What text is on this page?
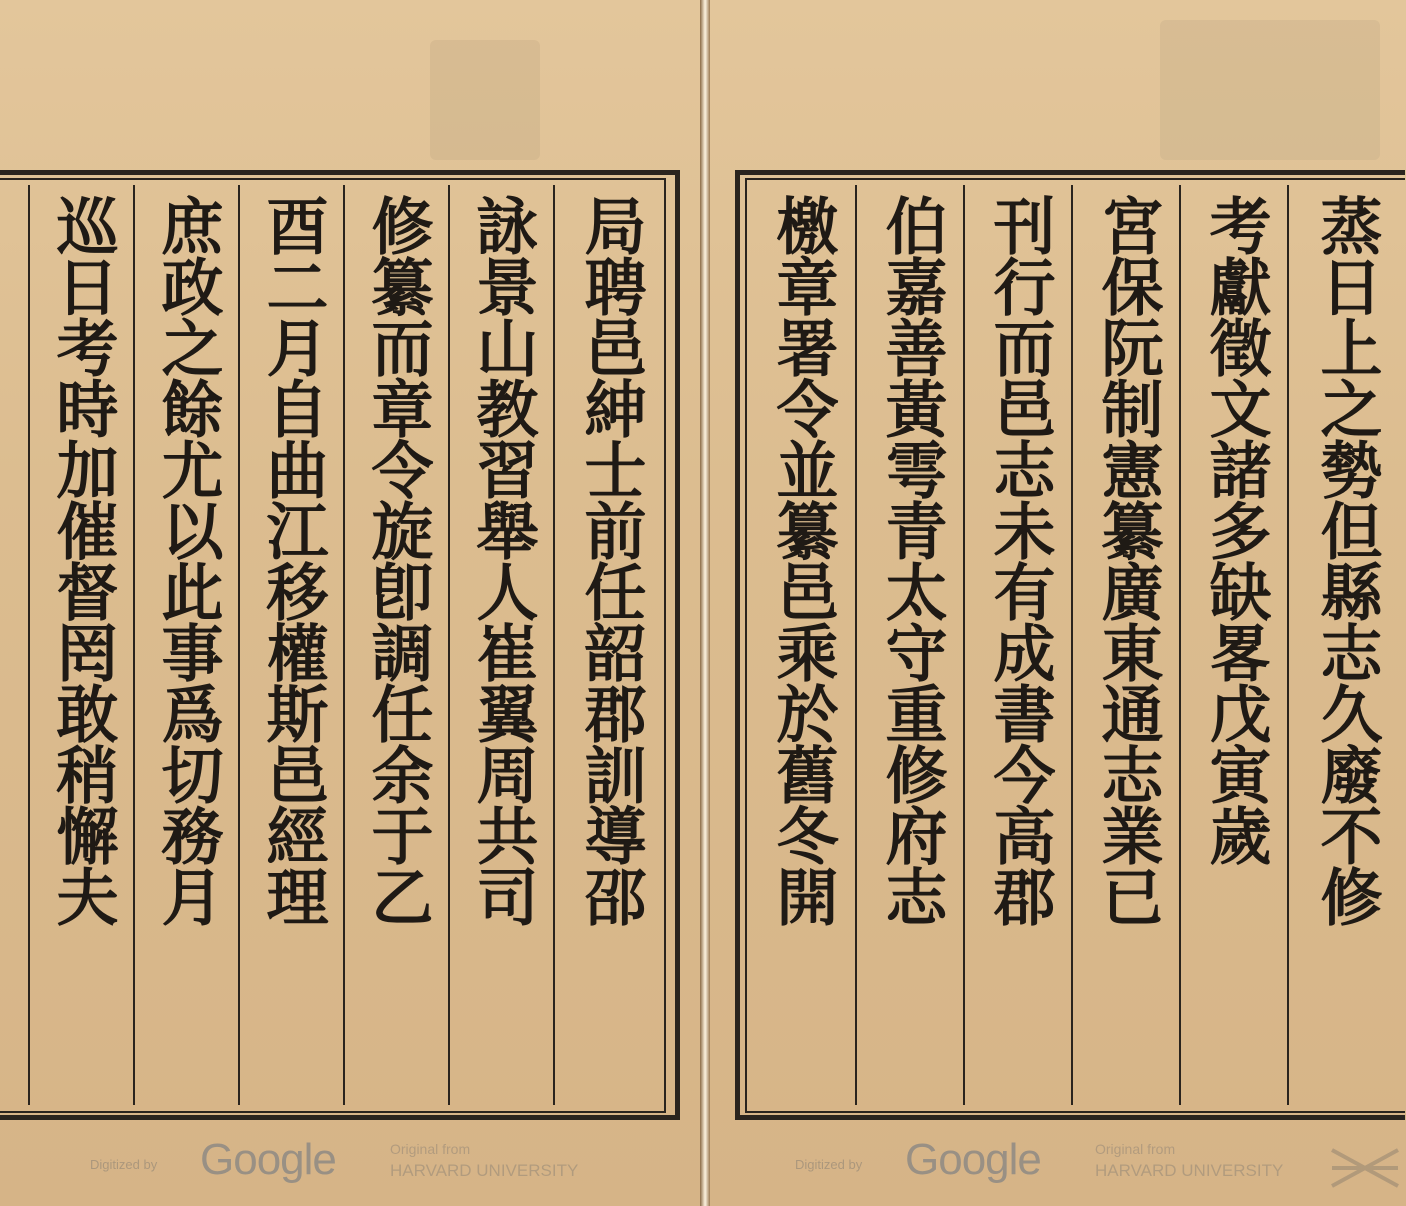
局聘邑紳士前任韶郡訓導邵
詠景山教習舉人崔翼周共司
修纂而章令旋卽調任余于乙
酉二月自曲江移權斯邑經理
庶政之餘尤以此事爲切務月
巡日考時加催督罔敢稍懈夫	蒸日上之勢但縣志久廢不修
考獻徵文諸多缺畧戊寅歲
宮保阮制憲纂廣東通志業已
刊行而邑志未有成書今高郡
伯嘉善黃雩青太守重修府志
檄章署令並纂邑乘於舊冬開
Digitized by Google	Original from
HARVARD UNIVERSITY	Digitized by Google	Original from
HARVARD UNIVERSITY
